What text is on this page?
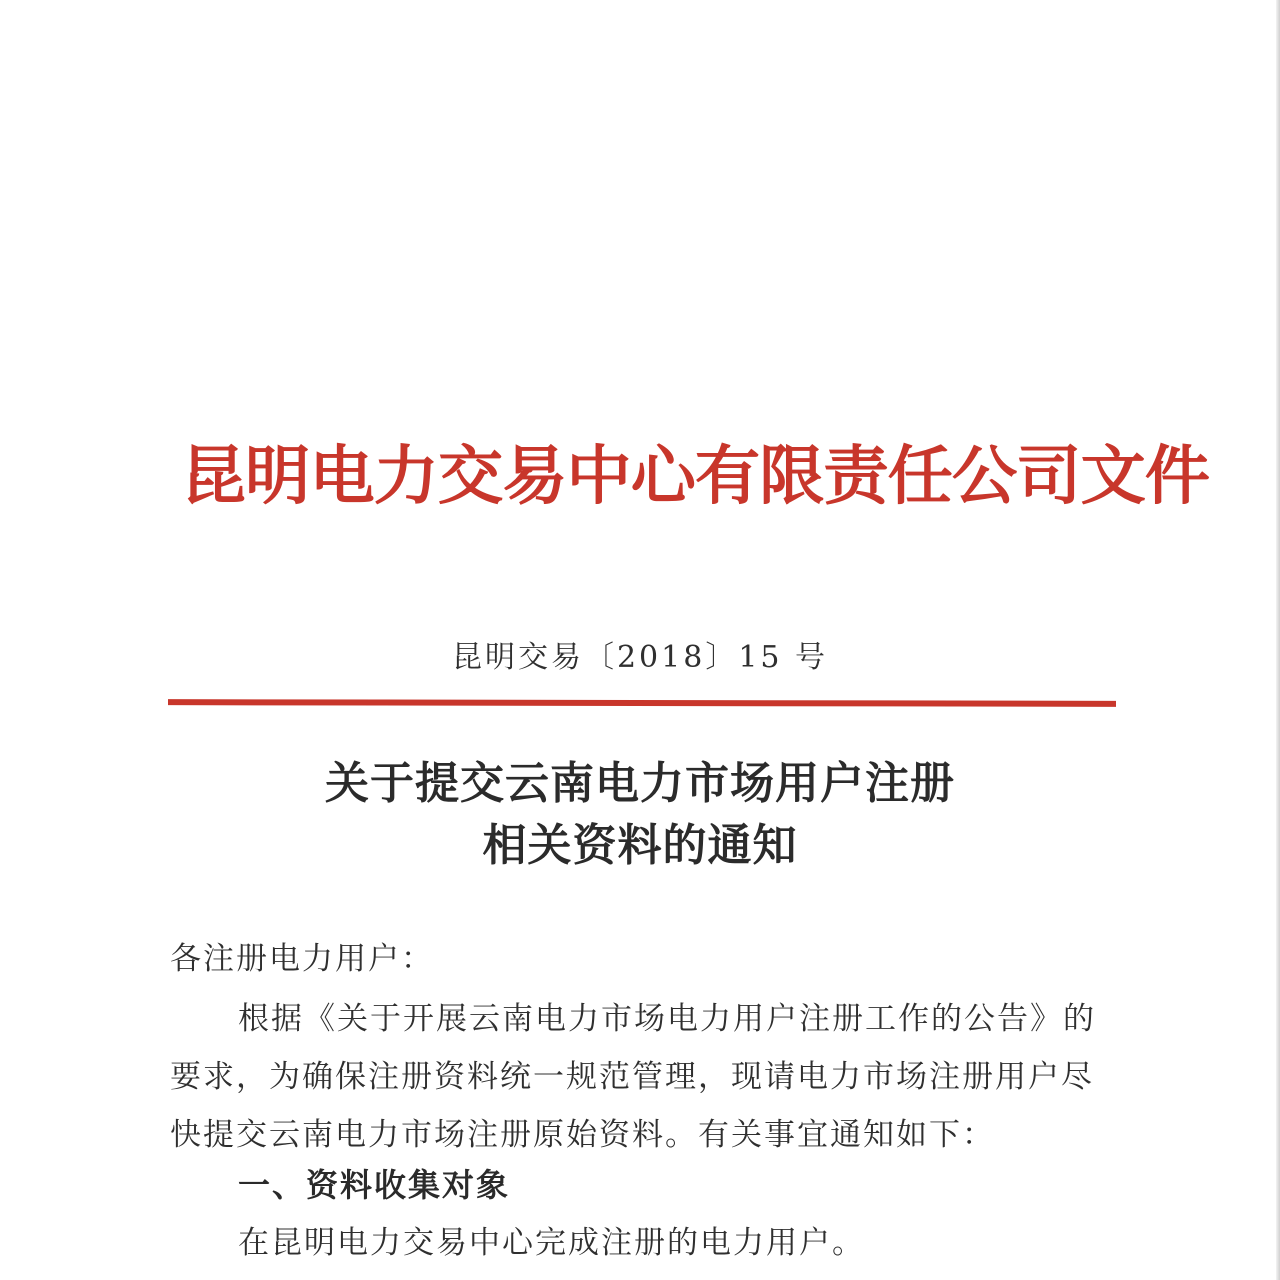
昆明电力交易中心有限责任公司文件
昆明交易〔2018〕15 号
关于提交云南电力市场用户注册
相关资料的通知
各注册电力用户：
根据《关于开展云南电力市场电力用户注册工作的公告》的要求，为确保注册资料统一规范管理，现请电力市场注册用户尽快提交云南电力市场注册原始资料。有关事宜通知如下：
一、资料收集对象
在昆明电力交易中心完成注册的电力用户。
